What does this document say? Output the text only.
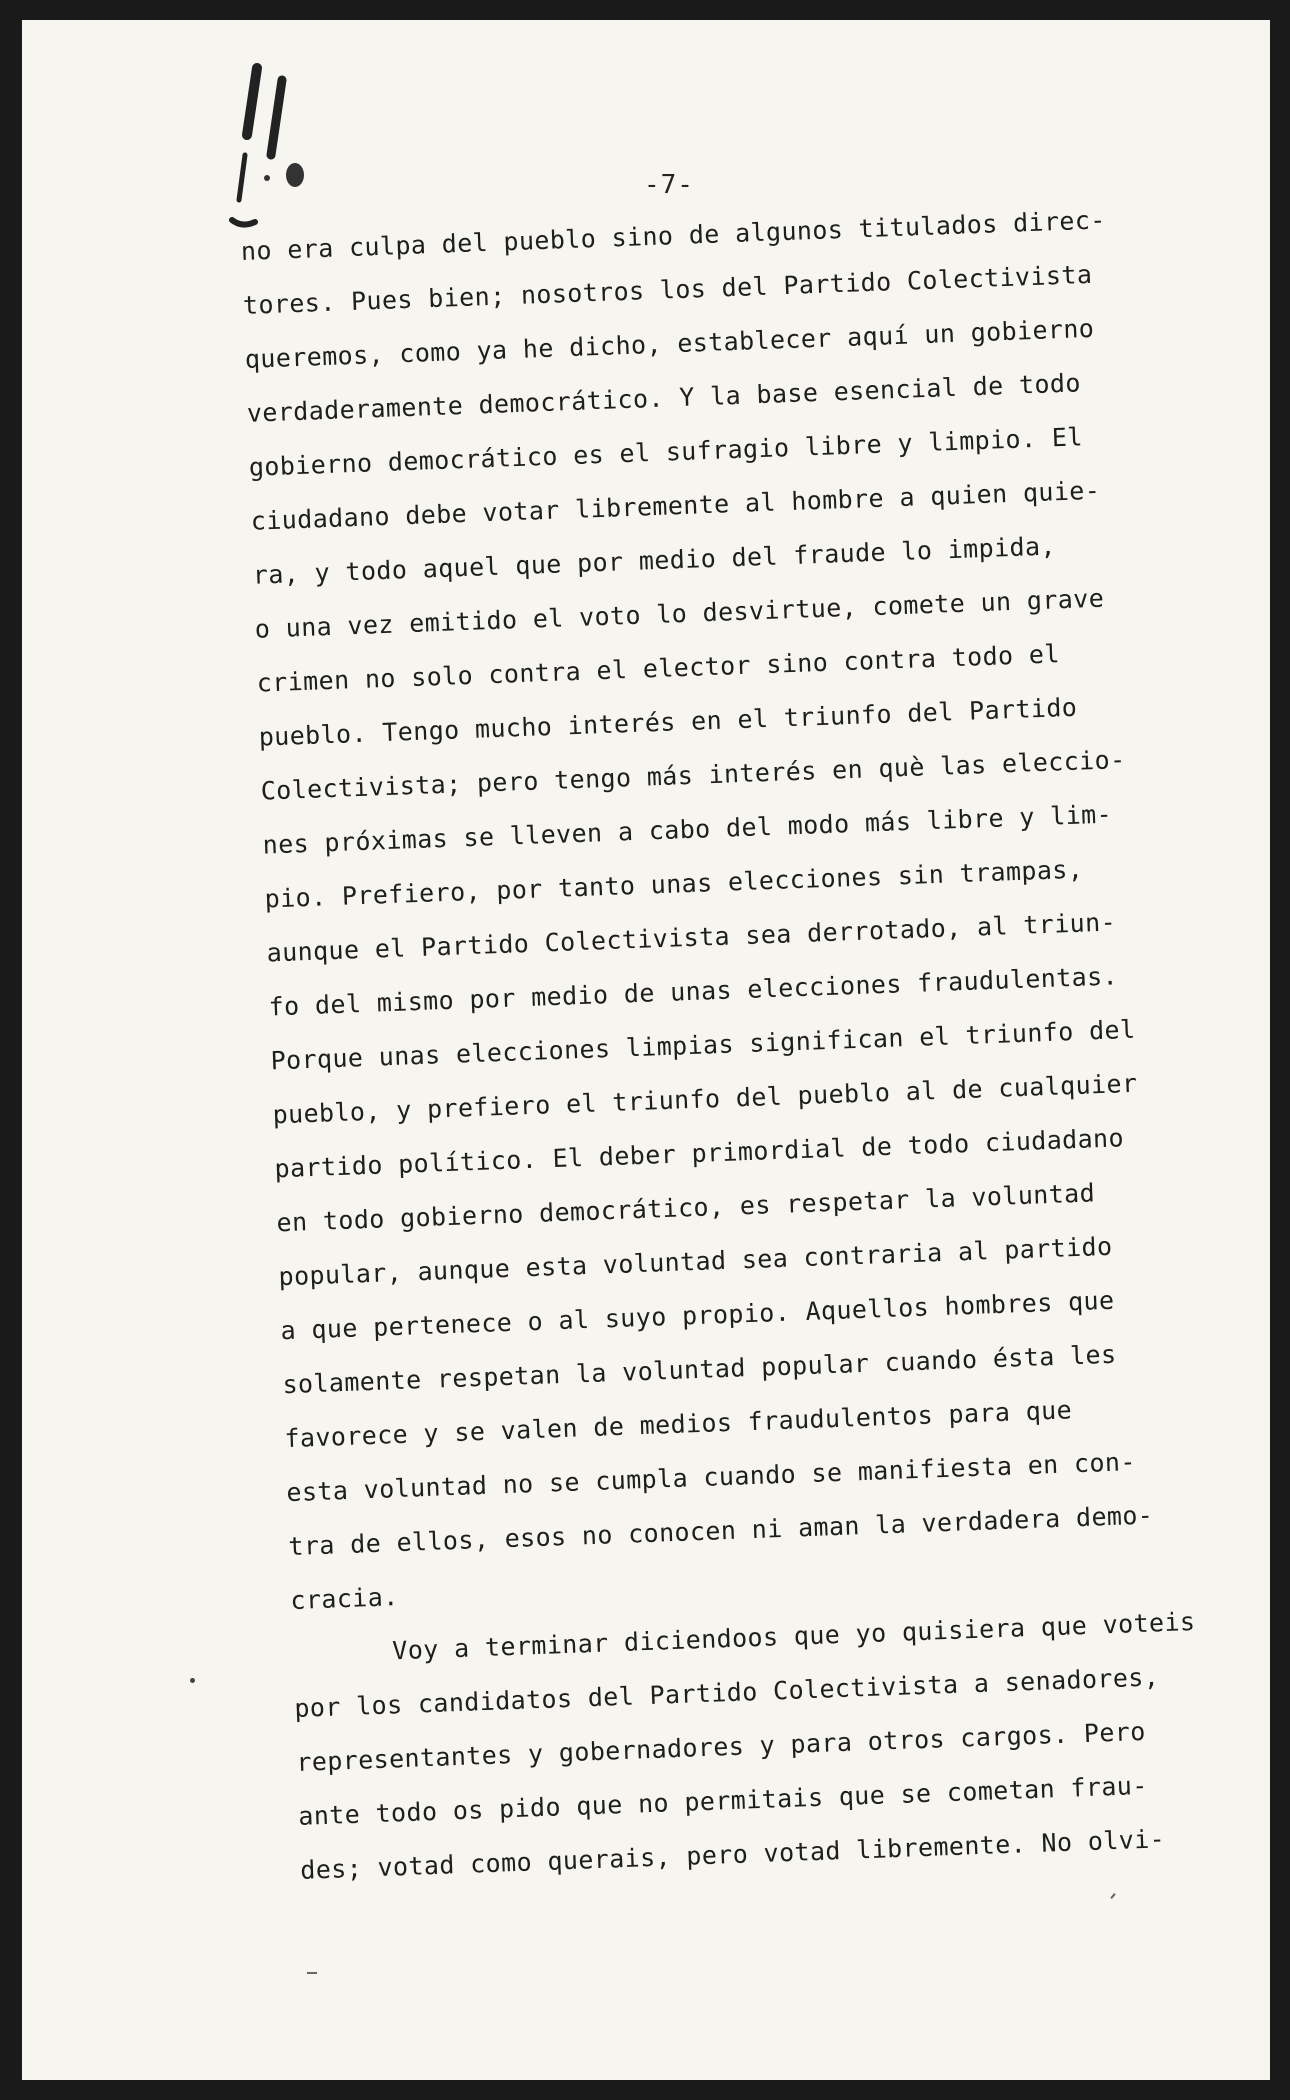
-7-
no era culpa del pueblo sino de algunos titulados direc-
tores. Pues bien; nosotros los del Partido Colectivista
queremos, como ya he dicho, establecer aquí un gobierno
verdaderamente democrático. Y la base esencial de todo
gobierno democrático es el sufragio libre y limpio. El
ciudadano debe votar libremente al hombre a quien quie-
ra, y todo aquel que por medio del fraude lo impida,
o una vez emitido el voto lo desvirtue, comete un grave
crimen no solo contra el elector sino contra todo el
pueblo. Tengo mucho interés en el triunfo del Partido
Colectivista; pero tengo más interés en què las eleccio-
nes próximas se lleven a cabo del modo más libre y lim-
pio. Prefiero, por tanto unas elecciones sin trampas,
aunque el Partido Colectivista sea derrotado, al triun-
fo del mismo por medio de unas elecciones fraudulentas.
Porque unas elecciones limpias significan el triunfo del
pueblo, y prefiero el triunfo del pueblo al de cualquier
partido político. El deber primordial de todo ciudadano
en todo gobierno democrático, es respetar la voluntad
popular, aunque esta voluntad sea contraria al partido
a que pertenece o al suyo propio. Aquellos hombres que
solamente respetan la voluntad popular cuando ésta les
favorece y se valen de medios fraudulentos para que
esta voluntad no se cumpla cuando se manifiesta en con-
tra de ellos, esos no conocen ni aman la verdadera demo-
cracia.
Voy a terminar diciendoos que yo quisiera que voteis
por los candidatos del Partido Colectivista a senadores,
representantes y gobernadores y para otros cargos. Pero
ante todo os pido que no permitais que se cometan frau-
des; votad como querais, pero votad libremente. No olvi-
